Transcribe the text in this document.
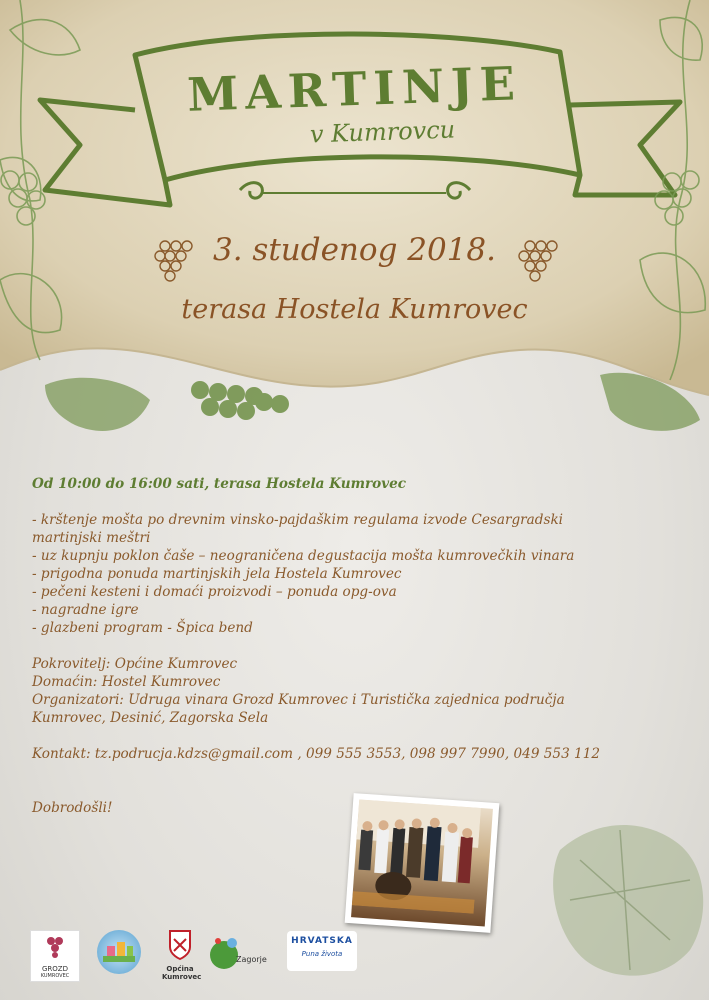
MARTINJE
v Kumrovcu
3. studenog 2018.
terasa Hostela Kumrovec
Od 10:00 do 16:00 sati, terasa Hostela Kumrovec
- krštenje mošta po drevnim vinsko-pajdaškim regulama izvode Cesargradski
martinjski meštri
- uz kupnju poklon čaše – neograničena degustacija mošta kumrovečkih vinara
- prigodna ponuda martinjskih jela Hostela Kumrovec
- pečeni kesteni i domaći proizvodi – ponuda opg-ova
- nagradne igre
- glazbeni program - Špica bend
Pokrovitelj: Općine Kumrovec
Domaćin: Hostel Kumrovec
Organizatori: Udruga vinara Grozd Kumrovec i Turistička zajednica područja
Kumrovec, Desinić, Zagorska Sela
Kontakt: tz.podrucja.kdzs@gmail.com , 099 555 3553, 098 997 7990, 049 553 112
Dobrodošli!
GROZD
KUMROVEC
Općina
Kumrovec
Zagorje
HRVATSKA
Puna života
